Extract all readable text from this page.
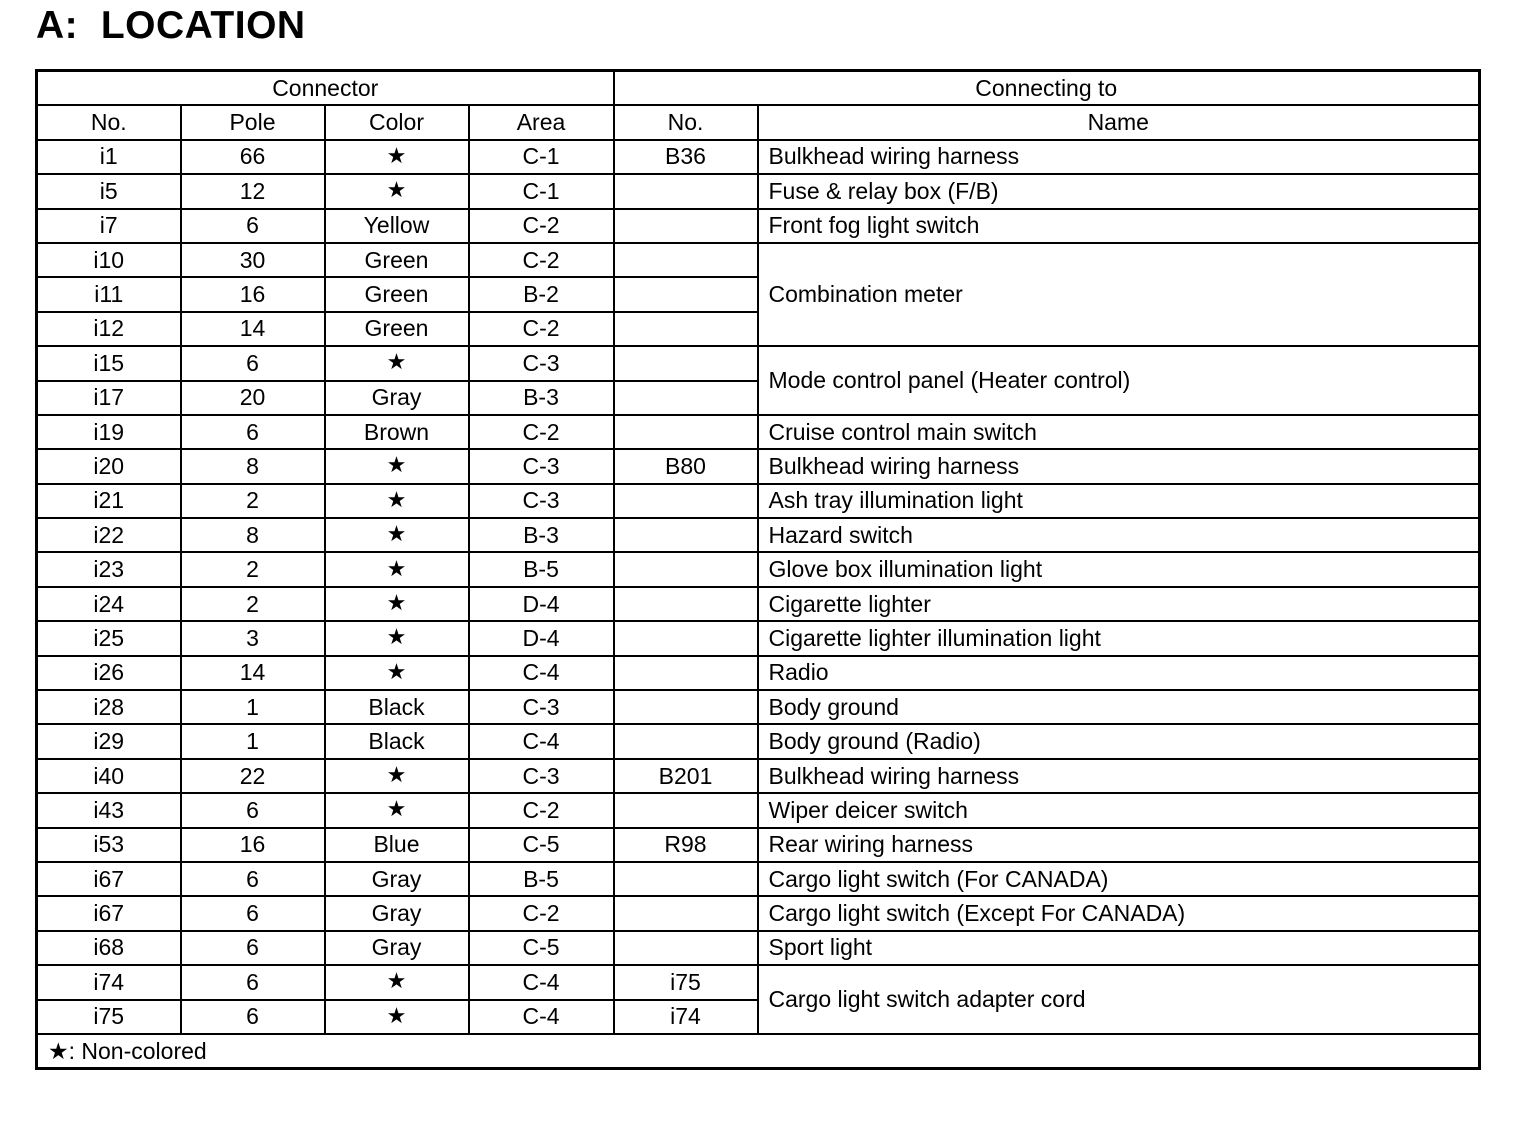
A:  LOCATION
Connector				Connecting to	
No.	Pole	Color	Area	No.	Name
i1	66	★	C-1	B36	Bulkhead wiring harness
i5	12	★	C-1		Fuse & relay box (F/B)
i7	6	Yellow	C-2		Front fog light switch
i10	30	Green	C-2		Combination meter
i11	16	Green	B-2		
i12	14	Green	C-2		
i15	6	★	C-3		Mode control panel (Heater control)
i17	20	Gray	B-3		
i19	6	Brown	C-2		Cruise control main switch
i20	8	★	C-3	B80	Bulkhead wiring harness
i21	2	★	C-3		Ash tray illumination light
i22	8	★	B-3		Hazard switch
i23	2	★	B-5		Glove box illumination light
i24	2	★	D-4		Cigarette lighter
i25	3	★	D-4		Cigarette lighter illumination light
i26	14	★	C-4		Radio
i28	1	Black	C-3		Body ground
i29	1	Black	C-4		Body ground (Radio)
i40	22	★	C-3	B201	Bulkhead wiring harness
i43	6	★	C-2		Wiper deicer switch
i53	16	Blue	C-5	R98	Rear wiring harness
i67	6	Gray	B-5		Cargo light switch (For CANADA)
i67	6	Gray	C-2		Cargo light switch (Except For CANADA)
i68	6	Gray	C-5		Sport light
i74	6	★	C-4	i75	Cargo light switch adapter cord
i75	6	★	C-4	i74	
★: Non-colored					
